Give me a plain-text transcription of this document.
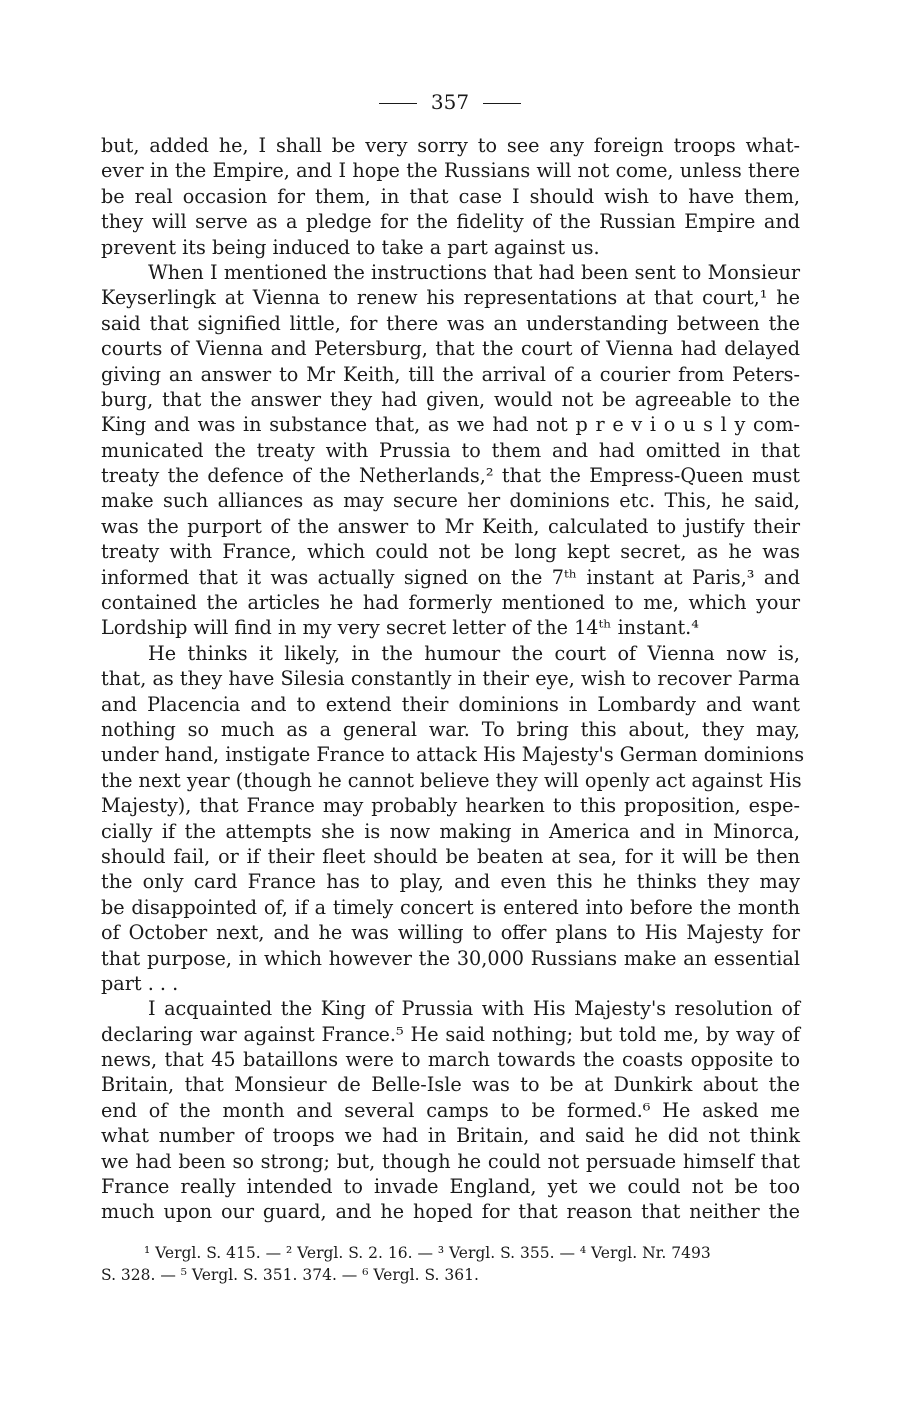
357
but, added he, I shall be very sorry to see any foreign troops what-
ever in the Empire, and I hope the Russians will not come, unless there
be real occasion for them, in that case I should wish to have them,
they will serve as a pledge for the fidelity of the Russian Empire and
prevent its being induced to take a part against us.
When I mentioned the instructions that had been sent to Monsieur
Keyserlingk at Vienna to renew his representations at that court,¹ he
said that signified little, for there was an understanding between the
courts of Vienna and Petersburg, that the court of Vienna had delayed
giving an answer to Mr Keith, till the arrival of a courier from Peters-
burg, that the answer they had given, would not be agreeable to the
King and was in substance that, as we had not p r e v i o u s l y com-
municated the treaty with Prussia to them and had omitted in that
treaty the defence of the Netherlands,² that the Empress-Queen must
make such alliances as may secure her dominions etc. This, he said,
was the purport of the answer to Mr Keith, calculated to justify their
treaty with France, which could not be long kept secret, as he was
informed that it was actually signed on the 7ᵗʰ instant at Paris,³ and
contained the articles he had formerly mentioned to me, which your
Lordship will find in my very secret letter of the 14ᵗʰ instant.⁴
He thinks it likely, in the humour the court of Vienna now is,
that, as they have Silesia constantly in their eye, wish to recover Parma
and Placencia and to extend their dominions in Lombardy and want
nothing so much as a general war. To bring this about, they may,
under hand, instigate France to attack His Majesty's German dominions
the next year (though he cannot believe they will openly act against His
Majesty), that France may probably hearken to this proposition, espe-
cially if the attempts she is now making in America and in Minorca,
should fail, or if their fleet should be beaten at sea, for it will be then
the only card France has to play, and even this he thinks they may
be disappointed of, if a timely concert is entered into before the month
of October next, and he was willing to offer plans to His Majesty for
that purpose, in which however the 30,000 Russians make an essential
part . . .
I acquainted the King of Prussia with His Majesty's resolution of
declaring war against France.⁵ He said nothing; but told me, by way of
news, that 45 bataillons were to march towards the coasts opposite to
Britain, that Monsieur de Belle-Isle was to be at Dunkirk about the
end of the month and several camps to be formed.⁶ He asked me
what number of troops we had in Britain, and said he did not think
we had been so strong; but, though he could not persuade himself that
France really intended to invade England, yet we could not be too
much upon our guard, and he hoped for that reason that neither the
¹ Vergl. S. 415. — ² Vergl. S. 2. 16. — ³ Vergl. S. 355. — ⁴ Vergl. Nr. 7493
S. 328. — ⁵ Vergl. S. 351. 374. — ⁶ Vergl. S. 361.
